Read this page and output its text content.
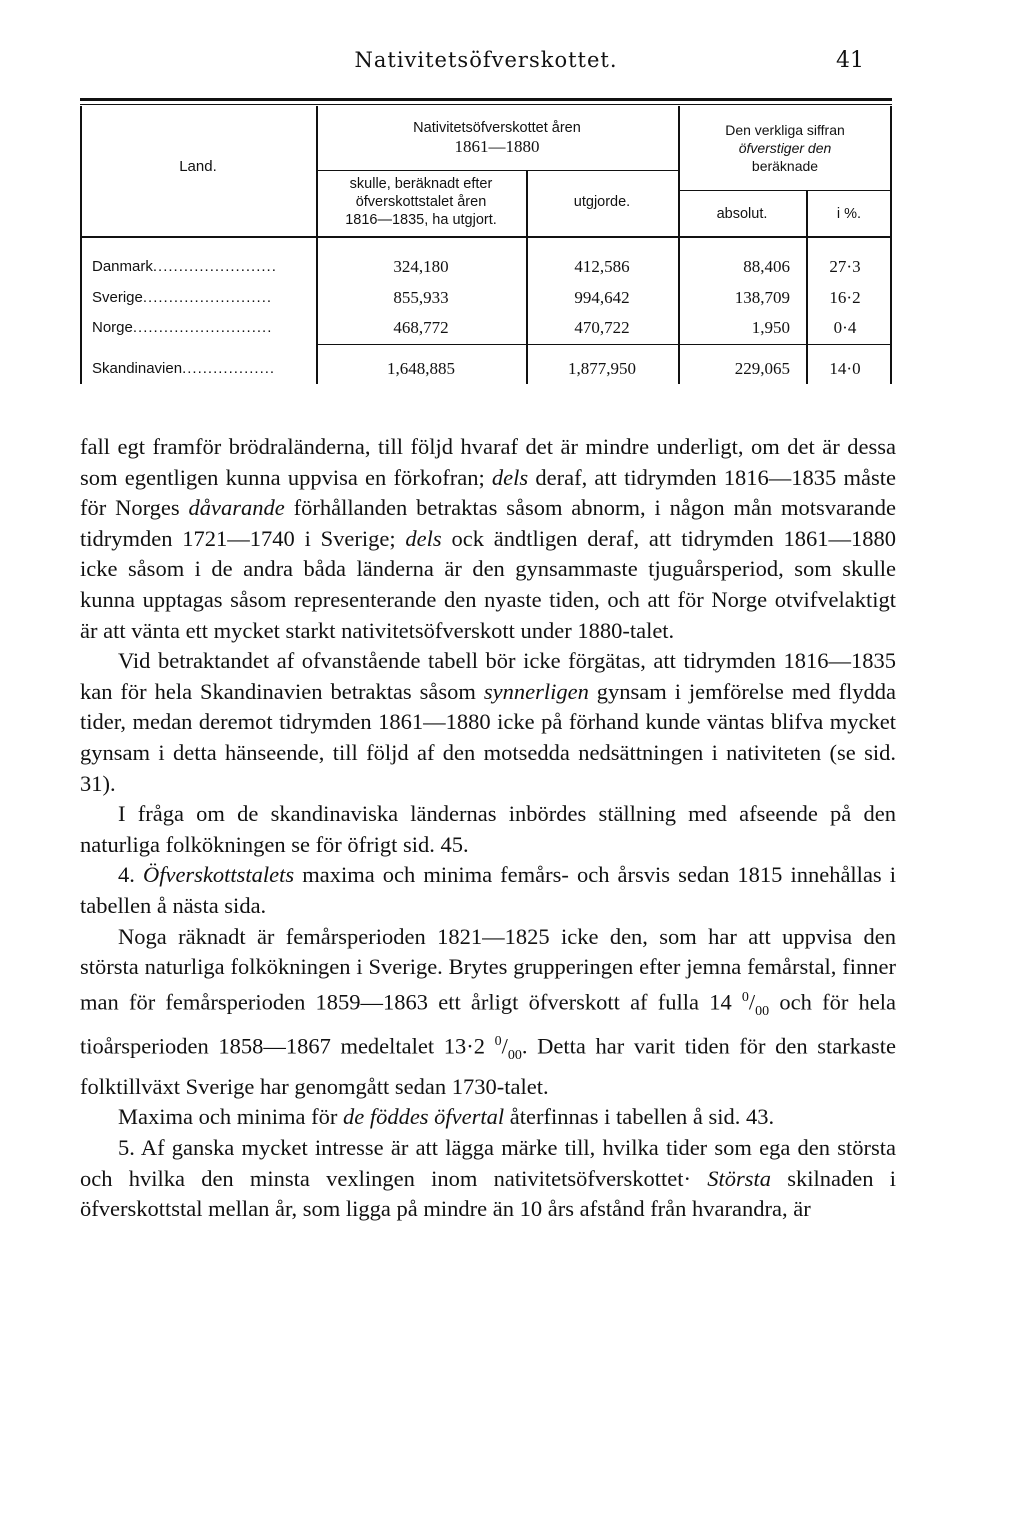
Nativitetsöfverskottet.	41
Land.
Nativitetsöfverskottet åren
1861—1880
skulle, beräknadt efter
öfverskottstalet åren
1816—1835, ha utgjort.
utgjorde.
Den verkliga siffran
öfverstiger den
beräknade
absolut.	i %.
Danmark........................	324,180	412,586	88,406	27·3
Sverige.........................	855,933	994,642	138,709	16·2
Norge...........................	468,772	470,722	1,950	0·4
Skandinavien..................	1,648,885	1,877,950	229,065	14·0

fall egt framför brödraländerna, till följd hvaraf det är mindre underligt, om det är dessa som egentligen kunna uppvisa en förkofran; dels deraf, att tidrymden 1816—1835 måste för Norges dåvarande förhållanden betraktas såsom abnorm, i någon mån motsvarande tidrymden 1721—1740 i Sverige; dels ock ändtligen deraf, att tidrymden 1861—1880 icke såsom i de andra båda länderna är den gynsammaste tjuguårsperiod, som skulle kunna upptagas såsom representerande den nyaste tiden, och att för Norge otvifvelaktigt är att vänta ett mycket starkt nativitetsöfverskott under 1880-talet.

Vid betraktandet af ofvanstående tabell bör icke förgätas, att tidrymden 1816—1835 kan för hela Skandinavien betraktas såsom synnerligen gynsam i jemförelse med flydda tider, medan deremot tidrymden 1861—1880 icke på förhand kunde väntas blifva mycket gynsam i detta hänseende, till följd af den motsedda nedsättningen i nativiteten (se sid. 31).

I fråga om de skandinaviska ländernas inbördes ställning med afseende på den naturliga folkökningen se för öfrigt sid. 45.

4. Öfverskottstalets maxima och minima femårs- och årsvis sedan 1815 innehållas i tabellen å nästa sida.

Noga räknadt är femårsperioden 1821—1825 icke den, som har att uppvisa den största naturliga folkökningen i Sverige. Brytes grupperingen efter jemna femårstal, finner man för femårsperioden 1859—1863 ett årligt öfverskott af fulla 14 $^0/_{00}$ och för hela tioårsperioden 1858—1867 medeltalet 13·2 $^0/_{00}$. Detta har varit tiden för den starkaste folktillväxt Sverige har genomgått sedan 1730-talet.

Maxima och minima för de föddes öfvertal återfinnas i tabellen å sid. 43.

5. Af ganska mycket intresse är att lägga märke till, hvilka tider som ega den största och hvilka den minsta vexlingen inom nativitetsöfverskottet· Största skilnaden i öfverskottstal mellan år, som ligga på mindre än 10 års afstånd från hvarandra, är
